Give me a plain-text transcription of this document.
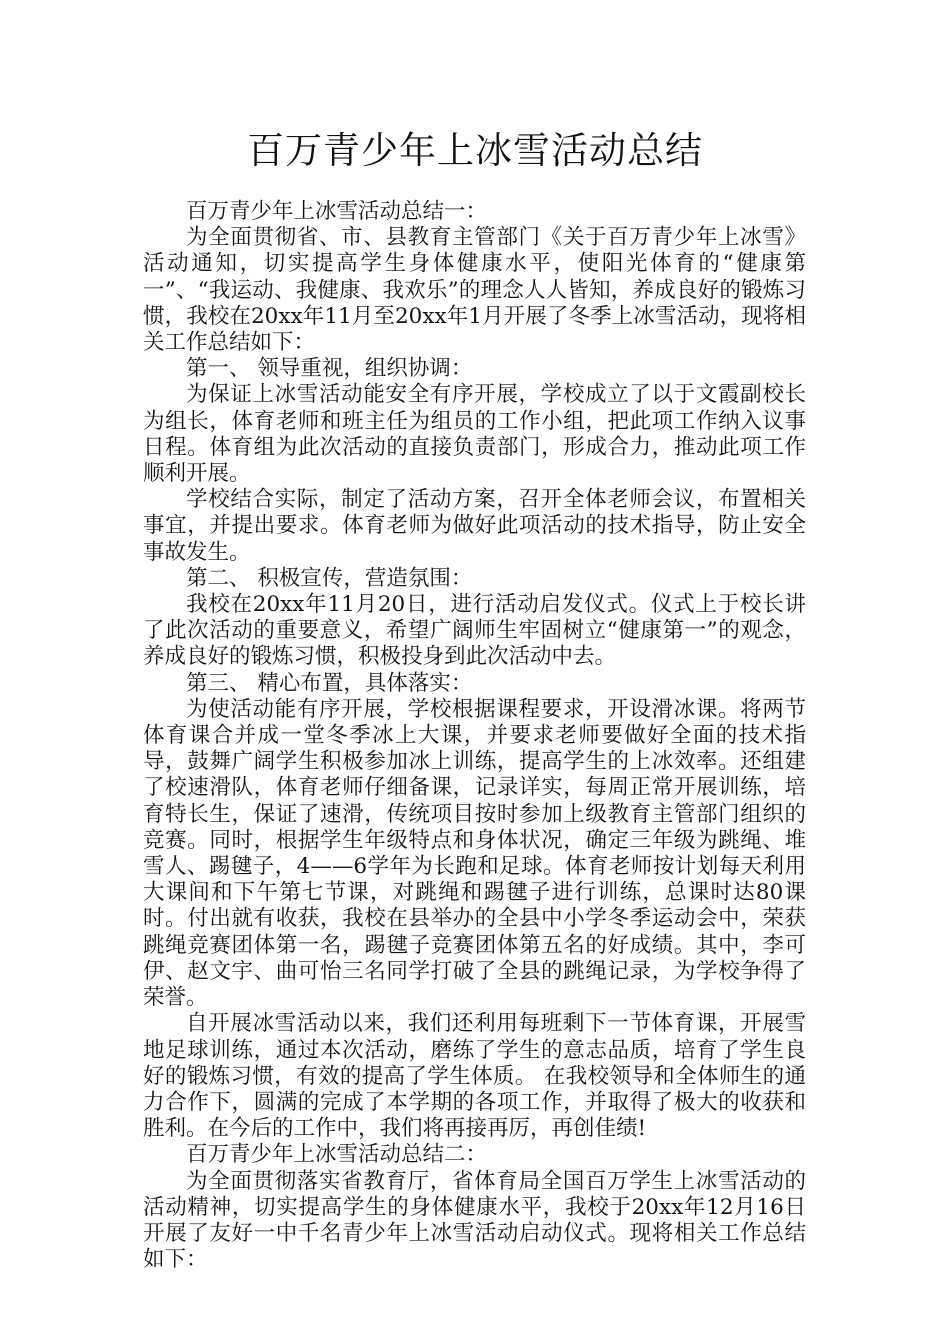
百万青少年上冰雪活动总结

百万青少年上冰雪活动总结一：

为全面贯彻省、市、县教育主管部门《关于百万青少年上冰雪》活动通知，切实提高学生身体健康水平，使阳光体育的“健康第一”、“我运动、我健康、我欢乐”的理念人人皆知，养成良好的锻炼习惯，我校在20xx年11月至20xx年1月开展了冬季上冰雪活动，现将相关工作总结如下：

第一、 领导重视，组织协调：

为保证上冰雪活动能安全有序开展，学校成立了以于文霞副校长为组长，体育老师和班主任为组员的工作小组，把此项工作纳入议事日程。体育组为此次活动的直接负责部门，形成合力，推动此项工作顺利开展。

学校结合实际，制定了活动方案，召开全体老师会议，布置相关事宜，并提出要求。体育老师为做好此项活动的技术指导，防止安全事故发生。

第二、 积极宣传，营造氛围：

我校在20xx年11月20日，进行活动启发仪式。仪式上于校长讲了此次活动的重要意义，希望广阔师生牢固树立“健康第一”的观念，养成良好的锻炼习惯，积极投身到此次活动中去。

第三、 精心布置，具体落实：

为使活动能有序开展，学校根据课程要求，开设滑冰课。将两节体育课合并成一堂冬季冰上大课，并要求老师要做好全面的技术指导，鼓舞广阔学生积极参加冰上训练，提高学生的上冰效率。还组建了校速滑队，体育老师仔细备课，记录详实，每周正常开展训练，培育特长生，保证了速滑，传统项目按时参加上级教育主管部门组织的竞赛。同时，根据学生年级特点和身体状况，确定三年级为跳绳、堆雪人、踢毽子，4——6学年为长跑和足球。体育老师按计划每天利用大课间和下午第七节课，对跳绳和踢毽子进行训练，总课时达80课时。付出就有收获，我校在县举办的全县中小学冬季运动会中，荣获跳绳竞赛团体第一名，踢毽子竞赛团体第五名的好成绩。其中，李可伊、赵文宇、曲可怡三名同学打破了全县的跳绳记录，为学校争得了荣誉。

自开展冰雪活动以来，我们还利用每班剩下一节体育课，开展雪地足球训练，通过本次活动，磨练了学生的意志品质，培育了学生良好的锻炼习惯，有效的提高了学生体质。 在我校领导和全体师生的通力合作下，圆满的完成了本学期的各项工作，并取得了极大的收获和胜利。在今后的工作中，我们将再接再厉，再创佳绩!

百万青少年上冰雪活动总结二：

为全面贯彻落实省教育厅，省体育局全国百万学生上冰雪活动的活动精神，切实提高学生的身体健康水平，我校于20xx年12月16日开展了友好一中千名青少年上冰雪活动启动仪式。现将相关工作总结如下：
